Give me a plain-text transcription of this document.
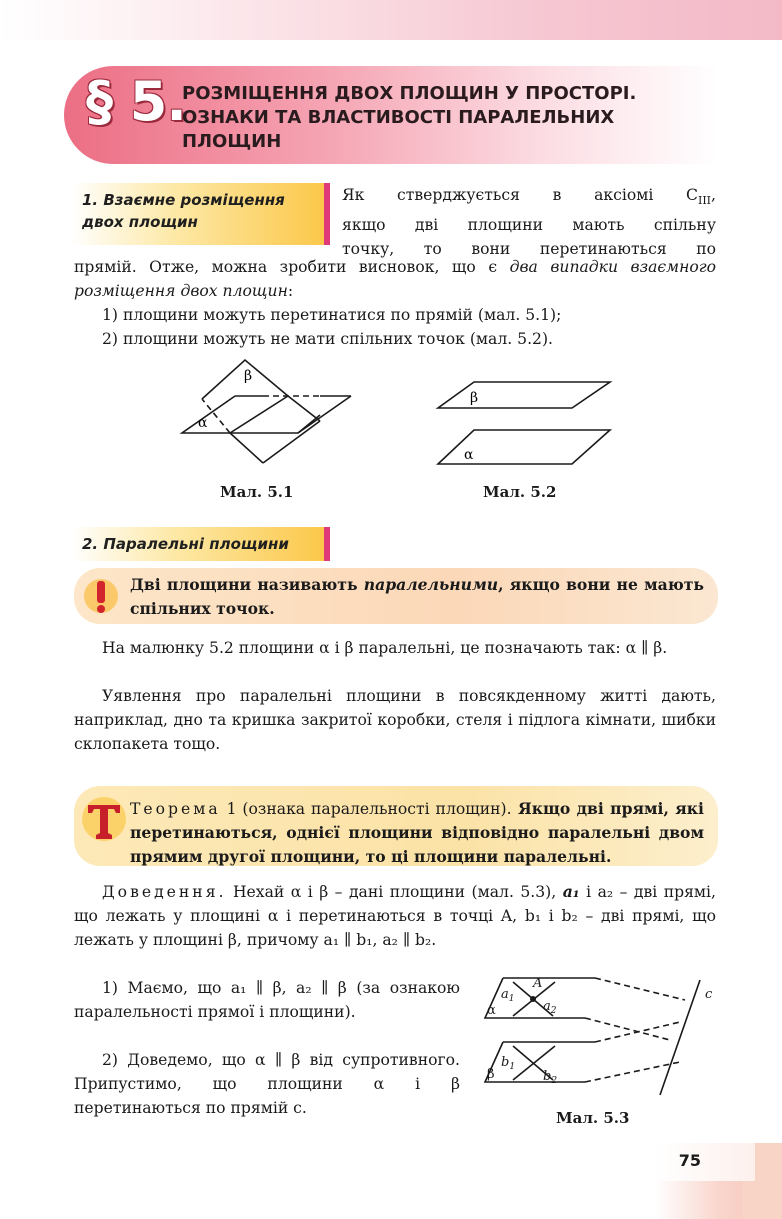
§ 5.
РОЗМІЩЕННЯ ДВОХ ПЛОЩИН У ПРОСТОРІ.
ОЗНАКИ ТА ВЛАСТИВОСТІ ПАРАЛЕЛЬНИХ
ПЛОЩИН
1. Взаємне розміщення
двох площин
Як стверджується в аксіомі $С_{III}$,
якщо дві площини мають спільну
точку, то вони перетинаються по

прямій. Отже, можна зробити висновок, що є два випадки взаємного розміщення двох площин:

1) площини можуть перетинатися по прямій (мал. 5.1);

2) площини можуть не мати спільних точок (мал. 5.2).

β
α
Мал. 5.1
β
α
Мал. 5.2
2. Паралельні площини

Дві площини називають паралельними, якщо вони не мають спільних точок.

На малюнку 5.2 площини α і β паралельні, це позначають так: α ∥ β.

Уявлення про паралельні площини в повсякденному житті дають, наприклад, дно та кришка закритої коробки, стеля і підлога кімнати, шибки склопакета тощо.

Теорема 1 (ознака паралельності площин). Якщо дві прямі, які перетинаються, однієї площини відповідно паралельні двом прямим другої площини, то ці площини паралельні.

Доведення. Нехай α і β – дані площини (мал. 5.3), a₁ і a₂ – дві прямі, що лежать у площині α і перетинаються в точці A, b₁ і b₂ – дві прямі, що лежать у площині β, причому a₁ ∥ b₁, a₂ ∥ b₂.

1) Маємо, що a₁ ∥ β, a₂ ∥ β (за ознакою паралельності прямої і площини).

2) Доведемо, що α ∥ β від супротивного. Припустимо, що площини α і β перетинаються по прямій c.

α
$a_1$
A
$a_2$
β
$b_1$
$b_2$
c
Мал. 5.3
75
